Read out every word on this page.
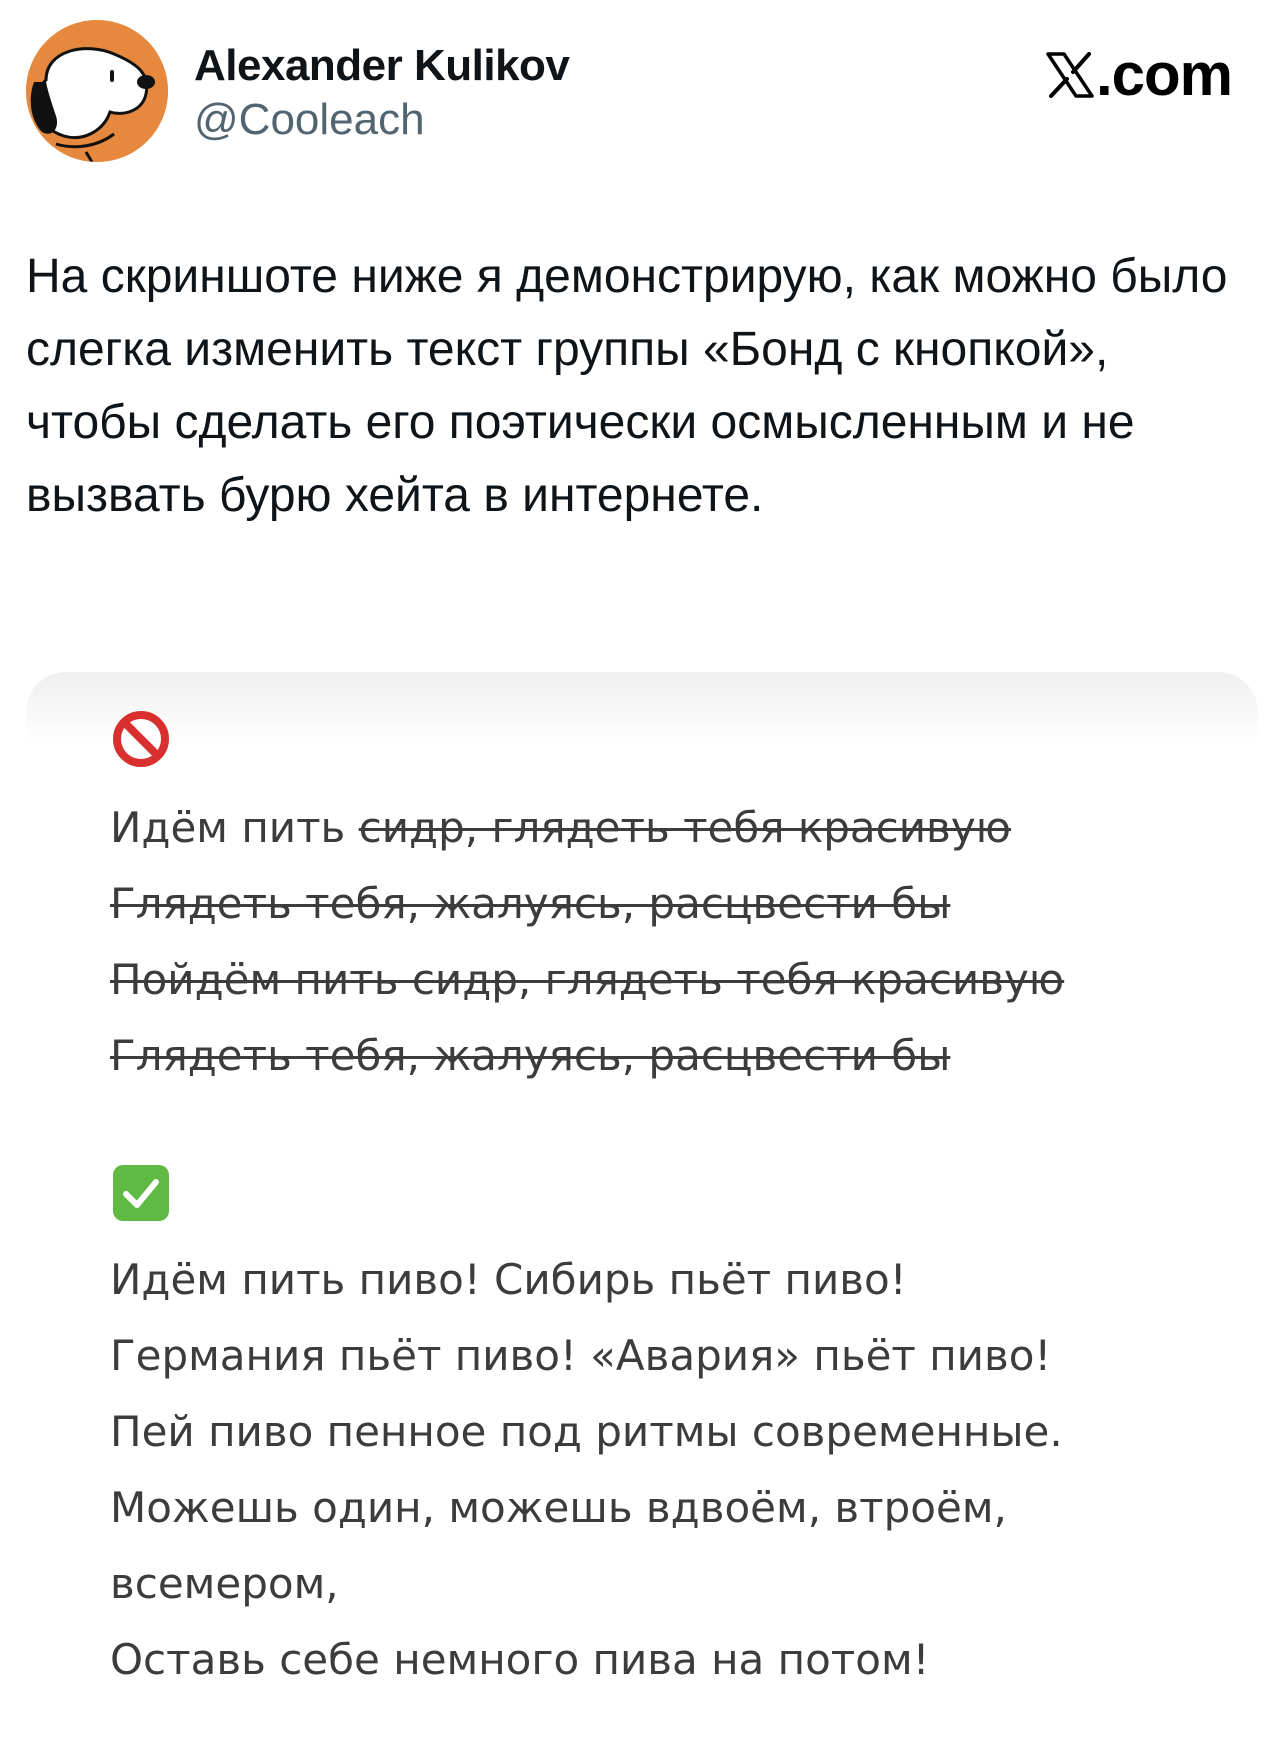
Alexander Kulikov
@Cooleach
.com

На скриншоте ниже я демонстрирую, как можно было слегка изменить текст группы «Бонд с кнопкой», чтобы сделать его поэтически осмысленным и не вызвать бурю хейта в интернете.

Идём пить сидр, глядеть тебя красивую
Глядеть тебя, жалуясь, расцвести бы
Пойдём пить сидр, глядеть тебя красивую
Глядеть тебя, жалуясь, расцвести бы
Идём пить пиво! Сибирь пьёт пиво!
Германия пьёт пиво! «Авария» пьёт пиво!
Пей пиво пенное под ритмы современные.
Можешь один, можешь вдвоём, втроём,
всемером,
Оставь себе немного пива на потом!
